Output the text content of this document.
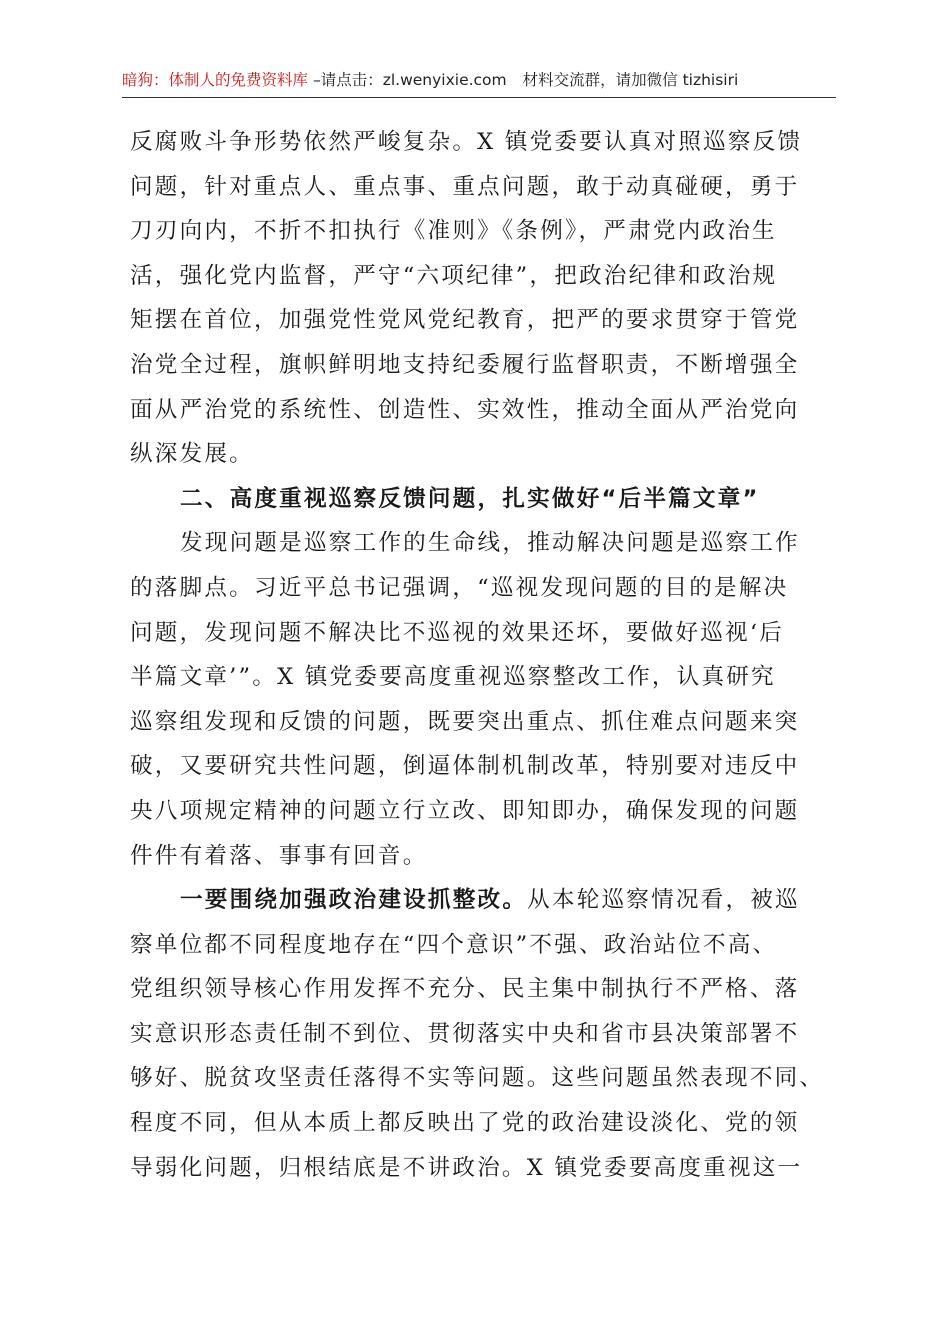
暗狗：体制人的免费资料库 –请点击：zl.wenyixie.com 材料交流群，请加微信 tizhisiri
反腐败斗争形势依然严峻复杂。X 镇党委要认真对照巡察反馈
问题，针对重点人、重点事、重点问题，敢于动真碰硬，勇于
刀刃向内，不折不扣执行《准则》《条例》，严肃党内政治生
活，强化党内监督，严守“六项纪律”，把政治纪律和政治规
矩摆在首位，加强党性党风党纪教育，把严的要求贯穿于管党
治党全过程，旗帜鲜明地支持纪委履行监督职责，不断增强全
面从严治党的系统性、创造性、实效性，推动全面从严治党向
纵深发展。
二、高度重视巡察反馈问题，扎实做好“后半篇文章”
发现问题是巡察工作的生命线，推动解决问题是巡察工作
的落脚点。习近平总书记强调，“巡视发现问题的目的是解决
问题，发现问题不解决比不巡视的效果还坏，要做好巡视‘后
半篇文章’”。X 镇党委要高度重视巡察整改工作，认真研究
巡察组发现和反馈的问题，既要突出重点、抓住难点问题来突
破，又要研究共性问题，倒逼体制机制改革，特别要对违反中
央八项规定精神的问题立行立改、即知即办，确保发现的问题
件件有着落、事事有回音。
一要围绕加强政治建设抓整改。从本轮巡察情况看，被巡
察单位都不同程度地存在“四个意识”不强、政治站位不高、
党组织领导核心作用发挥不充分、民主集中制执行不严格、落
实意识形态责任制不到位、贯彻落实中央和省市县决策部署不
够好、脱贫攻坚责任落得不实等问题。这些问题虽然表现不同、
程度不同，但从本质上都反映出了党的政治建设淡化、党的领
导弱化问题，归根结底是不讲政治。X 镇党委要高度重视这一
